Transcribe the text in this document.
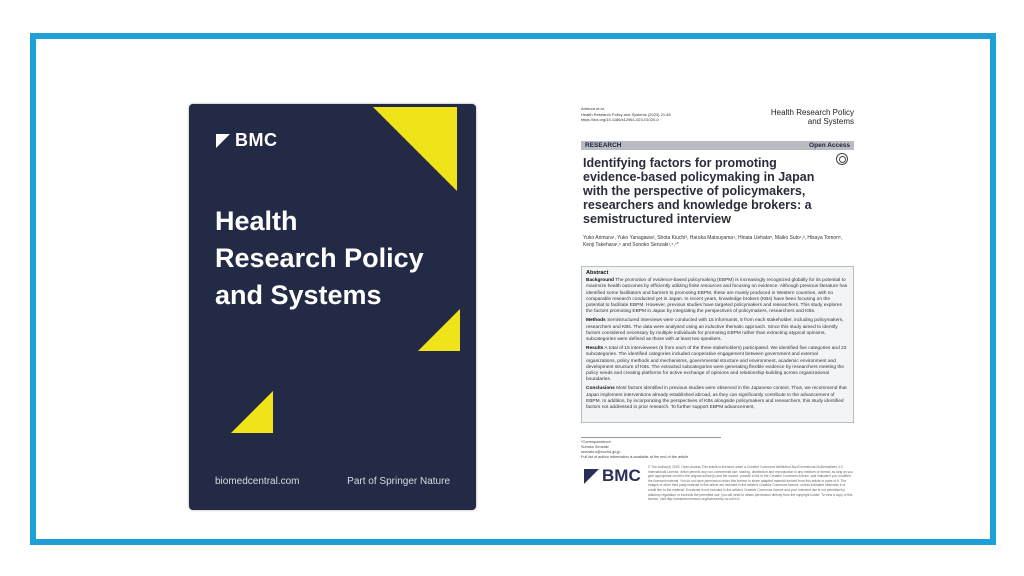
BMC
Health
Research Policy
and Systems
biomedcentral.com	Part of Springer Nature
Arimura et al.
Health Research Policy and Systems (2023) 21:48
https://doi.org/10.1186/s12961-023-01020-0
Health Research Policy and Systems
RESEARCH	Open Access
Identifying factors for promoting evidence-based policymaking in Japan with the perspective of policymakers, researchers and knowledge brokers: a semistructured interview
Yuko Arimura¹, Yuko Yanagawa², Shota Kiuchi³, Haruka Matsuyama⁴, Hinata Uehata⁵, Maiko Suto¹,², Hisaya Tomori⁶, Kenji Takehara¹,⁵ and Sonoko Senzaki¹,⁵,⁷*
Abstract
Background The promotion of evidence-based policymaking (EBPM) is increasingly recognized globally for its potential to maximize health outcomes by efficiently utilizing finite resources and focusing on evidence. Although previous literature has identified some facilitators and barriers to promoting EBPM, these are mainly produced in Western countries, with no comparable research conducted yet in Japan. In recent years, knowledge brokers (KBs) have been focusing on the potential to facilitate EBPM. However, previous studies have targeted policymakers and researchers. This study explores the factors promoting EBPM in Japan by integrating the perspectives of policymakers, researchers and KBs.
Methods Semistructured interviews were conducted with 15 informants, 5 from each stakeholder, including policymakers, researchers and KBs. The data were analysed using an inductive thematic approach. Since this study aimed to identify factors considered necessary by multiple individuals for promoting EBPM rather than extracting atypical opinions, subcategories were defined as those with at least two speakers.
Results A total of 15 interviewees (5 from each of the three stakeholders) participated. We identified five categories and 23 subcategories. The identified categories included cooperative engagement between government and external organizations, policy methods and mechanisms, governmental structure and environment, academic environment and development structure of KBs. The extracted subcategories were generating flexible evidence by researchers meeting the policy needs and creating platforms for active exchange of opinions and relationship-building across organizational boundaries.
Conclusions Most factors identified in previous studies were observed in the Japanese context. Thus, we recommend that Japan implement interventions already established abroad, as they can significantly contribute to the advancement of EBPM. In addition, by incorporating the perspectives of KBs alongside policymakers and researchers, this study identified factors not addressed in prior research. To further support EBPM advancement,
*Correspondence:
Sonoko Senzaki
senzaki-s@ncchd.go.jp
Full list of author information is available at the end of the article
BMC © The Author(s) 2023. Open Access This article is licensed under a Creative Commons Attribution-NonCommercial-NoDerivatives 4.0 International License, which permits any non-commercial use, sharing, distribution and reproduction in any medium or format, as long as you give appropriate credit to the original author(s) and the source, provide a link to the Creative Commons licence, and indicate if you modified the licensed material. You do not have permission under this licence to share adapted material derived from this article or parts of it. The images or other third party material in this article are included in the article's Creative Commons licence, unless indicated otherwise in a credit line to the material. If material is not included in the article's Creative Commons licence and your intended use is not permitted by statutory regulation or exceeds the permitted use, you will need to obtain permission directly from the copyright holder. To view a copy of this licence, visit http://creativecommons.org/licenses/by-nc-nd/4.0/.
